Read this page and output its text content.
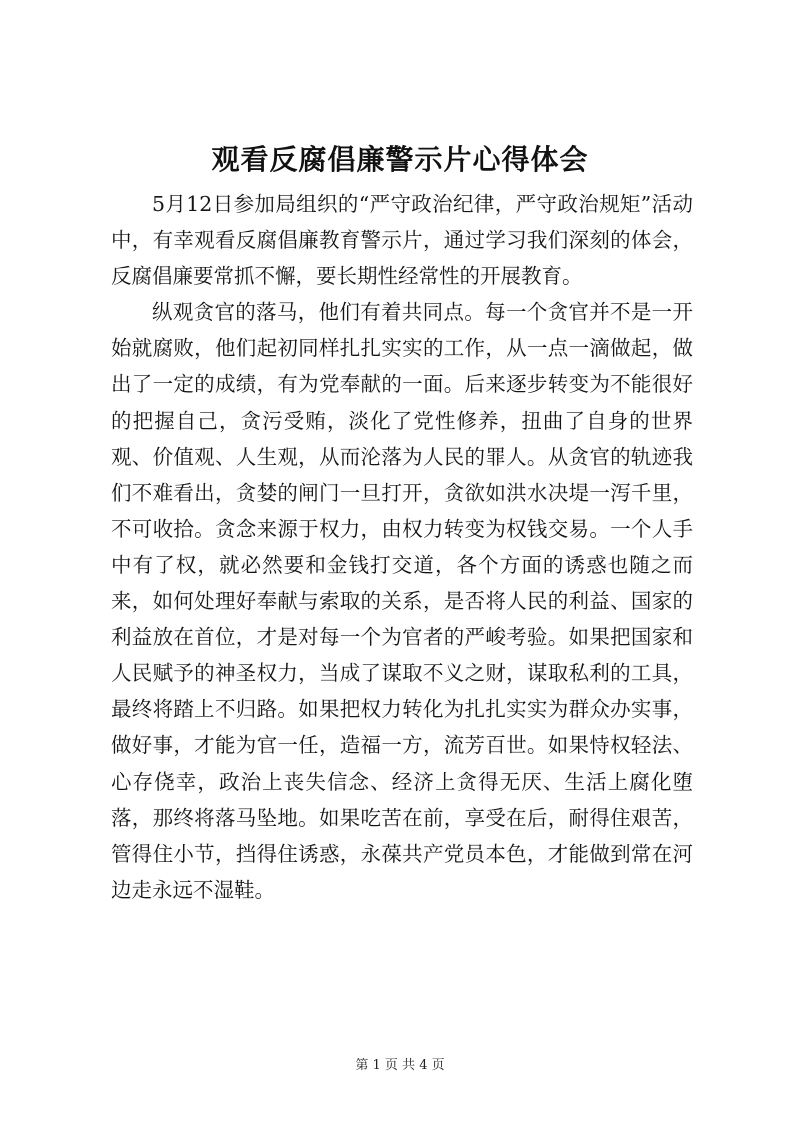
观看反腐倡廉警示片心得体会

5月12日参加局组织的“严守政治纪律，严守政治规矩”活动中，有幸观看反腐倡廉教育警示片，通过学习我们深刻的体会，反腐倡廉要常抓不懈，要长期性经常性的开展教育。

纵观贪官的落马，他们有着共同点。每一个贪官并不是一开始就腐败，他们起初同样扎扎实实的工作，从一点一滴做起，做出了一定的成绩，有为党奉献的一面。后来逐步转变为不能很好的把握自己，贪污受贿，淡化了党性修养，扭曲了自身的世界观、价值观、人生观，从而沦落为人民的罪人。从贪官的轨迹我们不难看出，贪婪的闸门一旦打开，贪欲如洪水决堤一泻千里，不可收拾。贪念来源于权力，由权力转变为权钱交易。一个人手中有了权，就必然要和金钱打交道，各个方面的诱惑也随之而来，如何处理好奉献与索取的关系，是否将人民的利益、国家的利益放在首位，才是对每一个为官者的严峻考验。如果把国家和人民赋予的神圣权力，当成了谋取不义之财，谋取私利的工具，最终将踏上不归路。如果把权力转化为扎扎实实为群众办实事，做好事，才能为官一任，造福一方，流芳百世。如果恃权轻法、心存侥幸，政治上丧失信念、经济上贪得无厌、生活上腐化堕落，那终将落马坠地。如果吃苦在前，享受在后，耐得住艰苦，管得住小节，挡得住诱惑，永葆共产党员本色，才能做到常在河边走永远不湿鞋。

第 1 页 共 4 页
